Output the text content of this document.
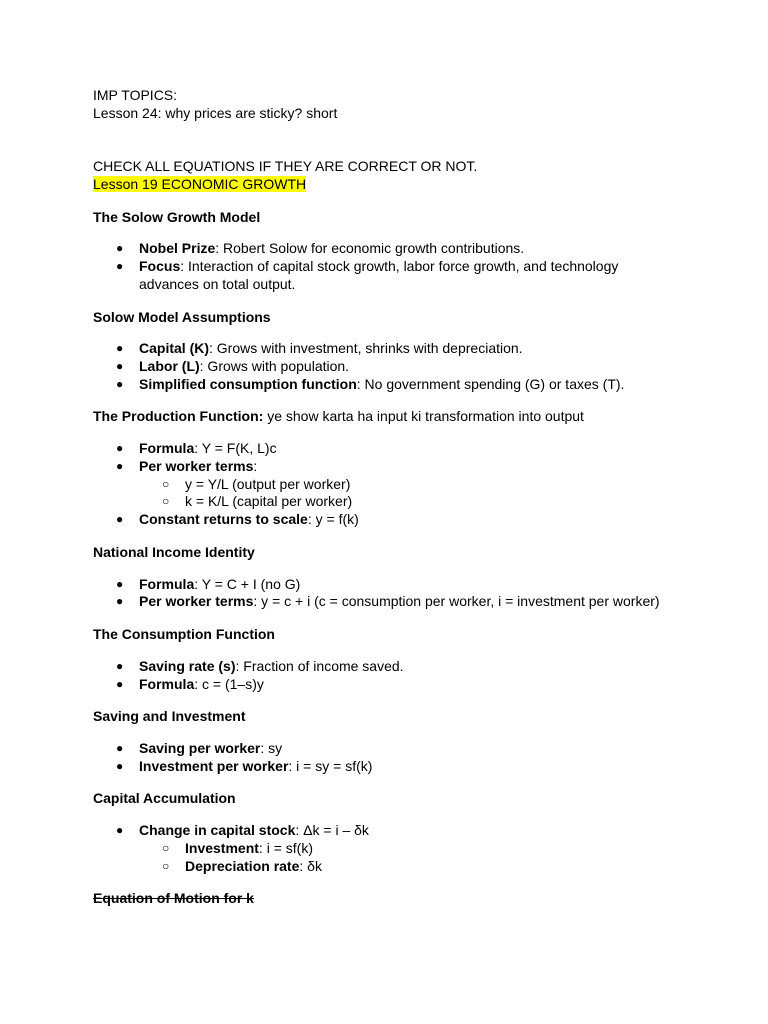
IMP TOPICS:
Lesson 24: why prices are sticky? short
CHECK ALL EQUATIONS IF THEY ARE CORRECT OR NOT.
Lesson 19 ECONOMIC GROWTH
The Solow Growth Model
● Nobel Prize: Robert Solow for economic growth contributions.
● Focus: Interaction of capital stock growth, labor force growth, and technology advances on total output.
Solow Model Assumptions
● Capital (K): Grows with investment, shrinks with depreciation.
● Labor (L): Grows with population.
● Simplified consumption function: No government spending (G) or taxes (T).
The Production Function: ye show karta ha input ki transformation into output
● Formula: Y = F(K, L)c
● Per worker terms:
○ y = Y/L (output per worker)
○ k = K/L (capital per worker)
● Constant returns to scale: y = f(k)
National Income Identity
● Formula: Y = C + I (no G)
● Per worker terms: y = c + i (c = consumption per worker, i = investment per worker)
The Consumption Function
● Saving rate (s): Fraction of income saved.
● Formula: c = (1–s)y
Saving and Investment
● Saving per worker: sy
● Investment per worker: i = sy = sf(k)
Capital Accumulation
● Change in capital stock: Δk = i – δk
○ Investment: i = sf(k)
○ Depreciation rate: δk
Equation of Motion for k
